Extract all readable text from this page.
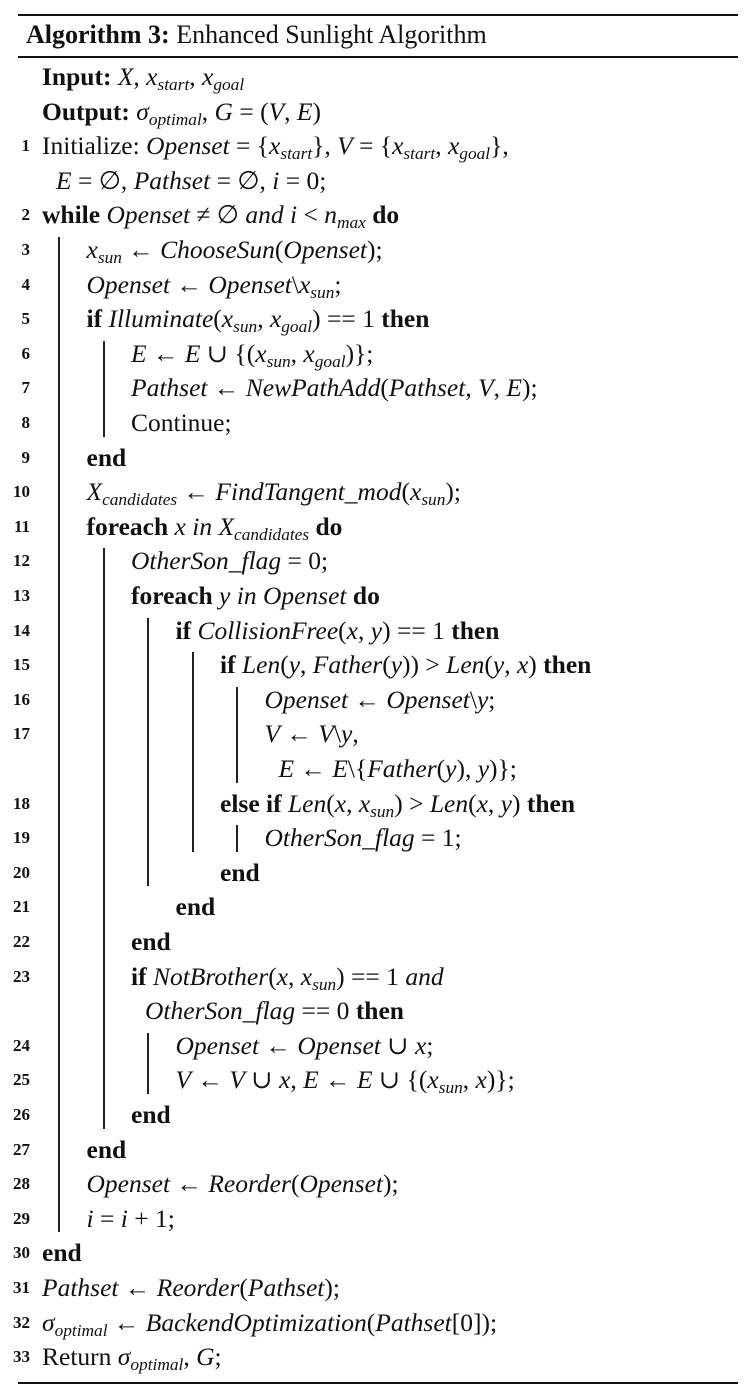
Algorithm 3: Enhanced Sunlight Algorithm
Input: X, $x_{start}$, $x_{goal}$
Output: $\sigma_{optimal}$, G = (V, E)
1 Initialize: Openset = $\{x_{start}\}$, $V = \{x_{start}$, $x_{goal}$},
E = ∅, Pathset = ∅, i = 0;
2 while Openset ≠ ∅ and $i < n_{max}$ do
3 $x_{sun}$ ← ChooseSun(Openset);
4 Openset ← $Openset\backslash x_{sun}$;
5 if $Illuminate(x_{sun}$, $x_{goal}) == 1$ then
6	E ← E ∪ {($x_{sun}$, $x_{goal}$)};
7	Pathset ← NewPathAdd(Pathset, V, E);
8	Continue;
9 end
10 $X_{candidates}$ ← $FindTangent\_mod(x_{sun})$;
11 foreach x in $X_{candidates}$ do
12	OtherSon_flag = 0;
13	foreach y in Openset do
14	if CollisionFree(x, y) == 1 then
15	if Len(y, Father(y)) > Len(y, x) then
16	Openset ← Openset\y;
17	V ← V\y,
E ← E\{Father(y), y)};
18	else if Len(x, $x_{sun}) > Len(x$, y) then
19	OtherSon_flag = 1;
20	end
21	end
22	end
23	if NotBrother(x, $x_{sun}) == 1$ and
OtherSon_flag == 0 then
24	Openset ← Openset ∪ x;
25	V ← V ∪ x, E ← E ∪ {($x_{sun}$, x)};
26	end
27 end
28 Openset ← Reorder(Openset);
29 i = i + 1;
30 end
31 Pathset ← Reorder(Pathset);
32 $\sigma_{optimal}$ ← BackendOptimization(Pathset[0]);
33 Return $\sigma_{optimal}$, G;
